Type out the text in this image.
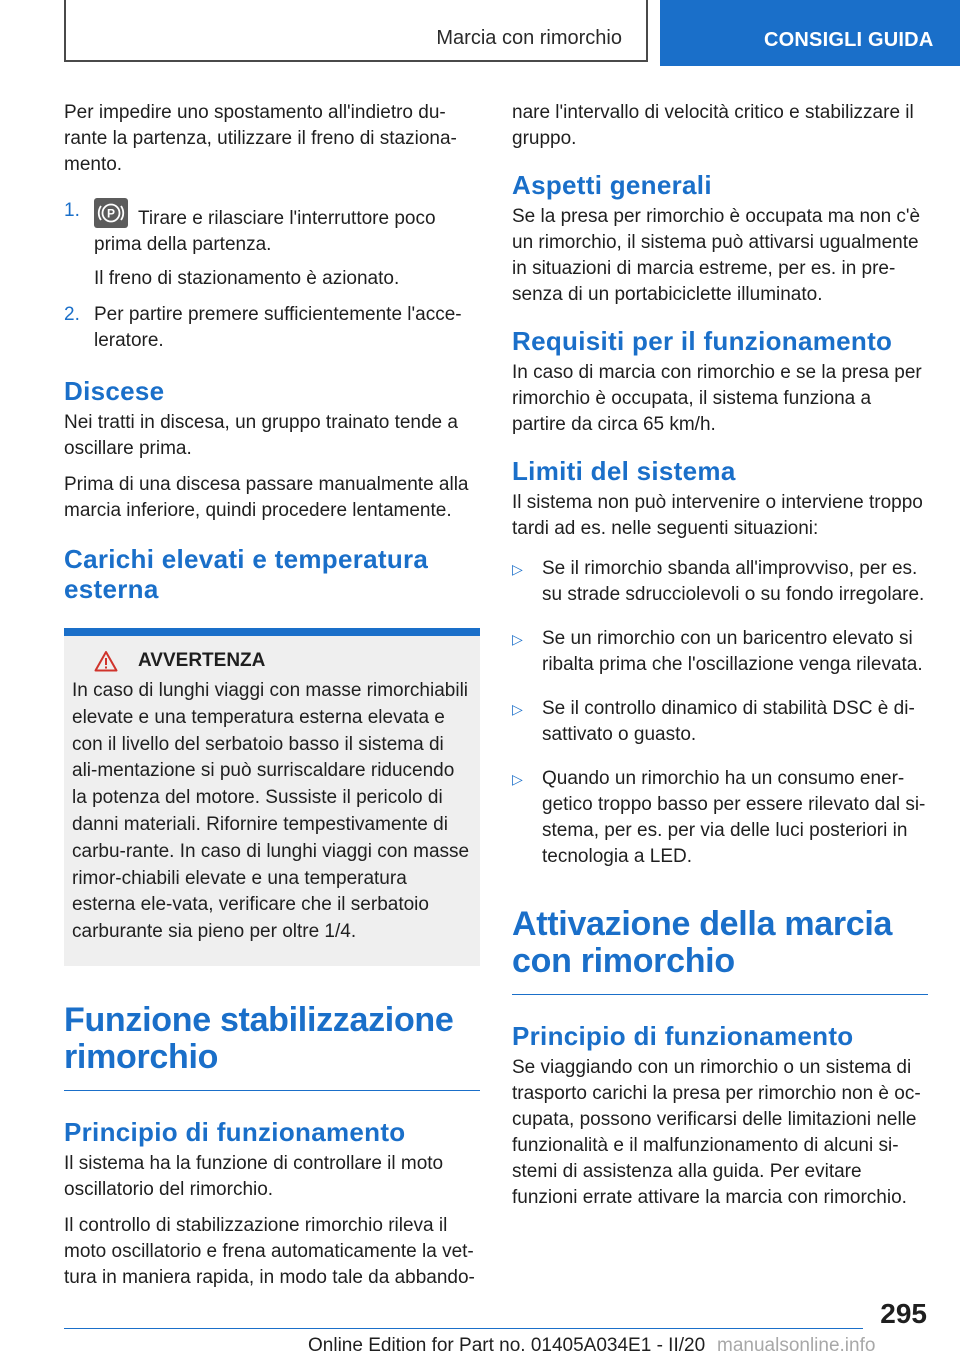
Marcia con rimorchio	CONSIGLI GUIDA

Per impedire uno spostamento all'indietro du-rante la partenza, utilizzare il freno di staziona-mento.

1. P Tirare e rilasciare l'interruttore poco prima della partenza.

Il freno di stazionamento è azionato.

2. Per partire premere sufficientemente l'acce-leratore.

Discese

Nei tratti in discesa, un gruppo trainato tende a oscillare prima.

Prima di una discesa passare manualmente alla marcia inferiore, quindi procedere lentamente.

Carichi elevati e temperatura esterna
AVVERTENZA

In caso di lunghi viaggi con masse rimorchiabili elevate e una temperatura esterna elevata e con il livello del serbatoio basso il sistema di ali-mentazione si può surriscaldare riducendo la potenza del motore. Sussiste il pericolo di danni materiali. Rifornire tempestivamente di carbu-rante. In caso di lunghi viaggi con masse rimor-chiabili elevate e una temperatura esterna ele-vata, verificare che il serbatoio carburante sia pieno per oltre 1/4.

Funzione stabilizzazione rimorchio
Principio di funzionamento

Il sistema ha la funzione di controllare il moto oscillatorio del rimorchio.

Il controllo di stabilizzazione rimorchio rileva il moto oscillatorio e frena automaticamente la vet-tura in maniera rapida, in modo tale da abbando-

nare l'intervallo di velocità critico e stabilizzare il gruppo.

Aspetti generali

Se la presa per rimorchio è occupata ma non c'è un rimorchio, il sistema può attivarsi ugualmente in situazioni di marcia estreme, per es. in pre-senza di un portabiciclette illuminato.

Requisiti per il funzionamento

In caso di marcia con rimorchio e se la presa per rimorchio è occupata, il sistema funziona a partire da circa 65 km/h.

Limiti del sistema

Il sistema non può intervenire o interviene troppo tardi ad es. nelle seguenti situazioni:

▷ Se il rimorchio sbanda all'improvviso, per es. su strade sdrucciolevoli o su fondo irregolare.
▷ Se un rimorchio con un baricentro elevato si ribalta prima che l'oscillazione venga rilevata.
▷ Se il controllo dinamico di stabilità DSC è di-sattivato o guasto.
▷ Quando un rimorchio ha un consumo ener-getico troppo basso per essere rilevato dal si-stema, per es. per via delle luci posteriori in tecnologia a LED.
Attivazione della marcia con rimorchio
Principio di funzionamento

Se viaggiando con un rimorchio o un sistema di trasporto carichi la presa per rimorchio non è oc-cupata, possono verificarsi delle limitazioni nelle funzionalità e il malfunzionamento di alcuni si-stemi di assistenza alla guida. Per evitare funzioni errate attivare la marcia con rimorchio.

295
Online Edition for Part no. 01405A034E1 - II/20 manualsonline.info
